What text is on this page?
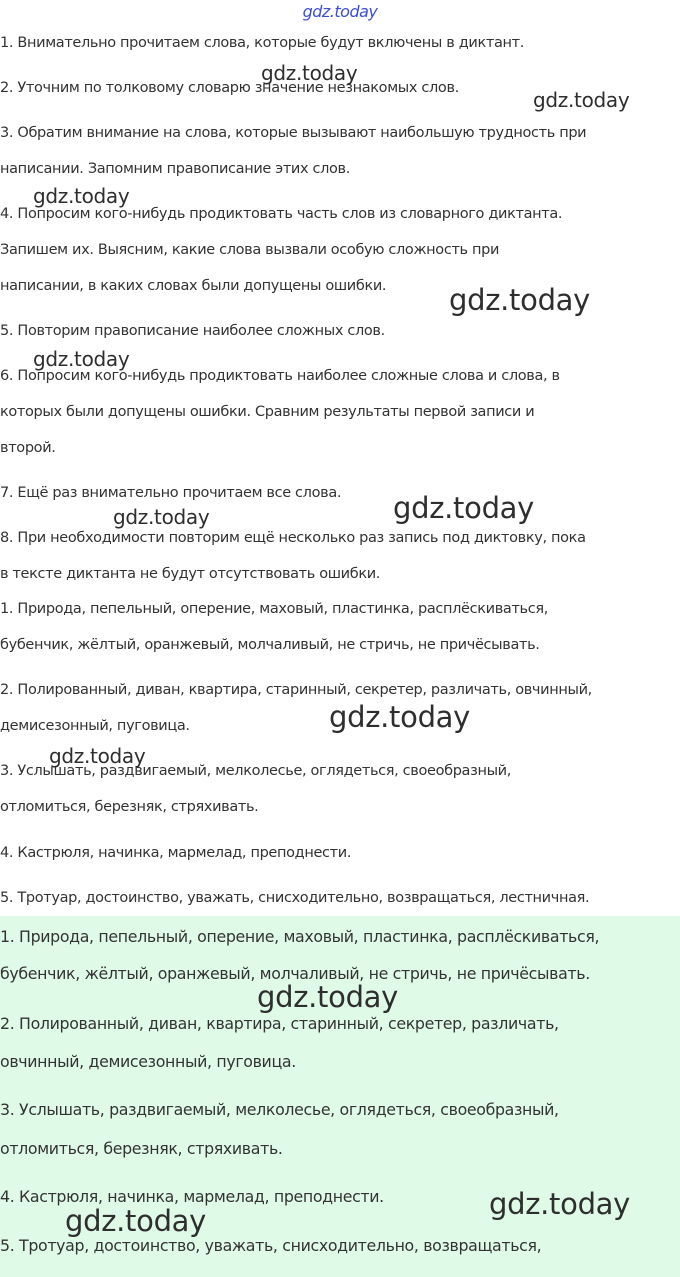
gdz.today
1. Внимательно прочитаем слова, которые будут включены в диктант.
2. Уточним по толковому словарю значение незнакомых слов.
3. Обратим внимание на слова, которые вызывают наибольшую трудность при
написании. Запомним правописание этих слов.
4. Попросим кого-нибудь продиктовать часть слов из словарного диктанта.
Запишем их. Выясним, какие слова вызвали особую сложность при
написании, в каких словах были допущены ошибки.
5. Повторим правописание наиболее сложных слов.
6. Попросим кого-нибудь продиктовать наиболее сложные слова и слова, в
которых были допущены ошибки. Сравним результаты первой записи и
второй.
7. Ещё раз внимательно прочитаем все слова.
8. При необходимости повторим ещё несколько раз запись под диктовку, пока
в тексте диктанта не будут отсутствовать ошибки.
1. Природа, пепельный, оперение, маховый, пластинка, расплёскиваться,
бубенчик, жёлтый, оранжевый, молчаливый, не стричь, не причёсывать.
2. Полированный, диван, квартира, старинный, секретер, различать, овчинный,
демисезонный, пуговица.
3. Услышать, раздвигаемый, мелколесье, оглядеться, своеобразный,
отломиться, березняк, стряхивать.
4. Кастрюля, начинка, мармелад, преподнести.
5. Тротуар, достоинство, уважать, снисходительно, возвращаться, лестничная.
1. Природа, пепельный, оперение, маховый, пластинка, расплёскиваться,
бубенчик, жёлтый, оранжевый, молчаливый, не стричь, не причёсывать.
2. Полированный, диван, квартира, старинный, секретер, различать,
овчинный, демисезонный, пуговица.
3. Услышать, раздвигаемый, мелколесье, оглядеться, своеобразный,
отломиться, березняк, стряхивать.
4. Кастрюля, начинка, мармелад, преподнести.
5. Тротуар, достоинство, уважать, снисходительно, возвращаться,
gdz.today
gdz.today
gdz.today
gdz.today
gdz.today
gdz.today
gdz.today
gdz.today
gdz.today
gdz.today
gdz.today
gdz.today
